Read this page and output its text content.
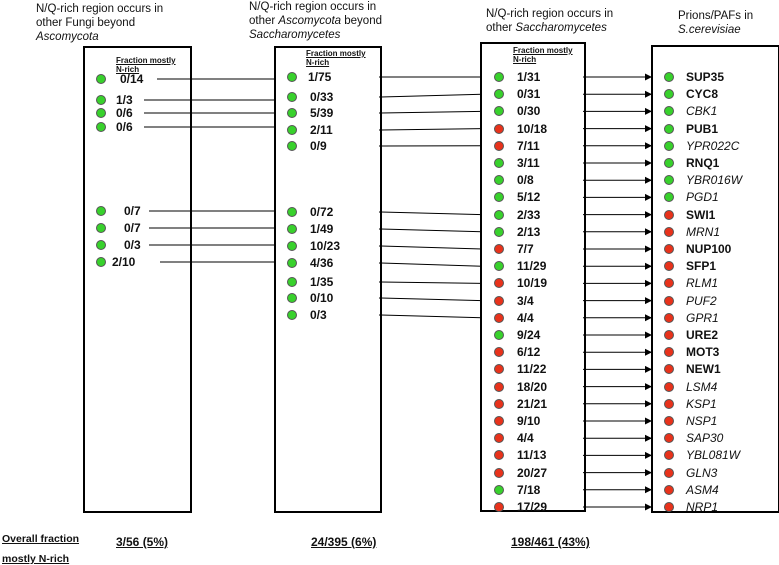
N/Q-rich region occurs in
other Fungi beyond
Ascomycota
N/Q-rich region occurs in
other Ascomycota beyond
Saccharomycetes
N/Q-rich region occurs in
other Saccharomycetes
Prions/PAFs in
S.cerevisiae
Fraction mostly
N-rich
Fraction mostly
N-rich
Fraction mostly
N-rich
0/14
1/3
0/6
0/6
0/7
0/7
0/3
2/10
1/75
0/33
5/39
2/11
0/9
0/72
1/49
10/23
4/36
1/35
0/10
0/3
1/31
0/31
0/30
10/18
7/11
3/11
0/8
5/12
2/33
2/13
7/7
11/29
10/19
3/4
4/4
9/24
6/12
11/22
18/20
21/21
9/10
4/4
11/13
20/27
7/18
17/29
SUP35
CYC8
CBK1
PUB1
YPR022C
RNQ1
YBR016W
PGD1
SWI1
MRN1
NUP100
SFP1
RLM1
PUF2
GPR1
URE2
MOT3
NEW1
LSM4
KSP1
NSP1
SAP30
YBL081W
GLN3
ASM4
NRP1
Overall fraction
mostly N-rich
3/56 (5%)	24/395 (6%)	198/461 (43%)
